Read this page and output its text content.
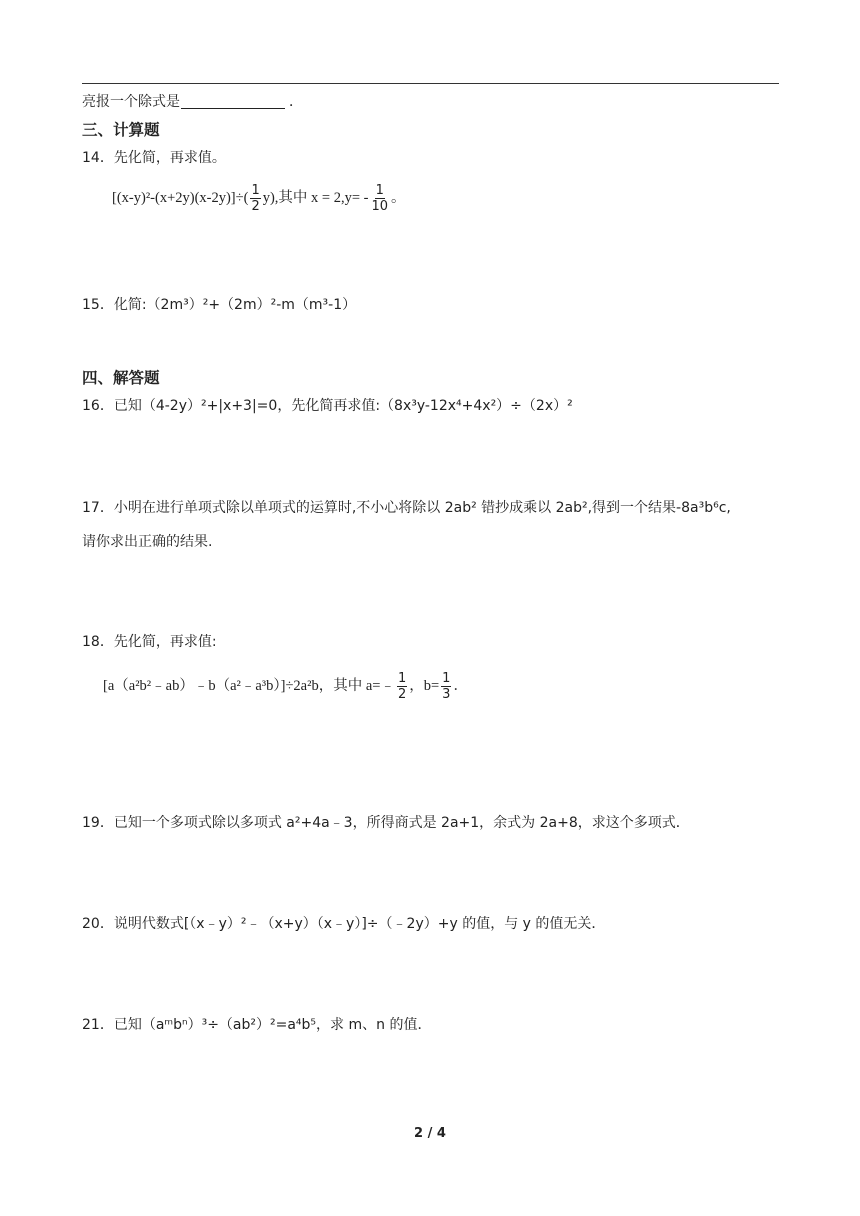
亮报一个除式是	．
三、计算题
14．先化简，再求值。
$[(x-y)^2-(x+2y)(x-2y)]\div( \frac{1}{2} y)$,其中 $x = 2,y= - \frac{1}{10}$ 。
15．化简:（2m³）²+（2m）²-m（m³-1）
四、解答题
16．已知（4-2y）²+|x+3|=0，先化简再求值:（8x³y-12x⁴+4x²）÷（2x）²
17．小明在进行单项式除以单项式的运算时,不小心将除以 2ab² 错抄成乘以 2ab²,得到一个结果-8a³b⁶c,
请你求出正确的结果.
18．先化简，再求值:
[a（a²b²﹣ab）﹣b（a²﹣a³b）]÷2a²b，其中 a=﹣ $\frac{1}{2}$ ，$b= \frac{1}{3}$ ．
19．已知一个多项式除以多项式 a²+4a﹣3，所得商式是 2a+1，余式为 2a+8，求这个多项式．
20．说明代数式[（x﹣y）²﹣（x+y）（x﹣y）]÷（﹣2y）+y 的值，与 y 的值无关．
21．已知（aᵐbⁿ）³÷（ab²）²=a⁴b⁵，求 m、n 的值．
2 / 4
